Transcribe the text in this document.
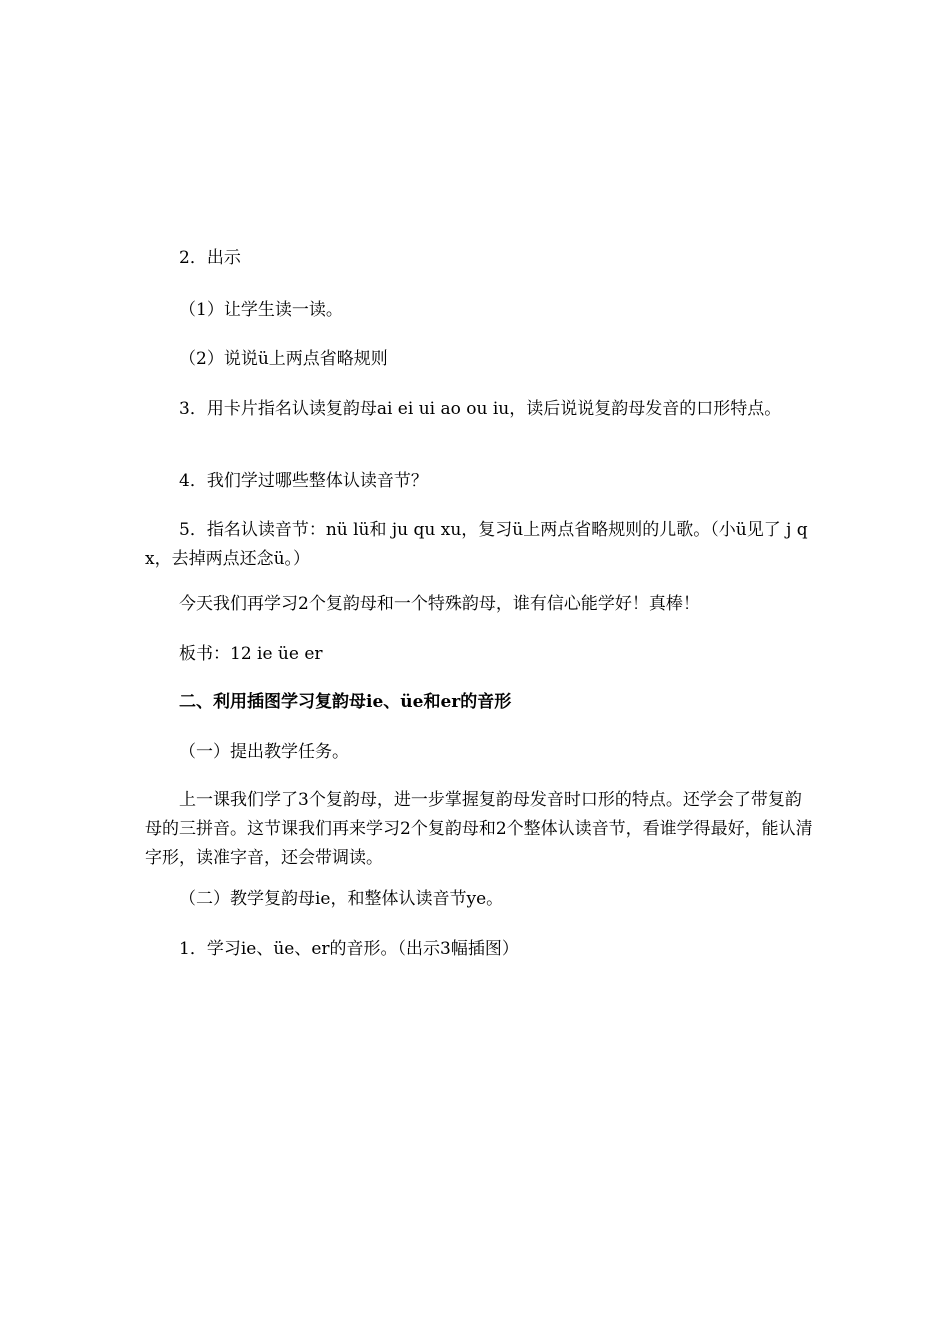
2．出示

（1）让学生读一读。

（2）说说ü上两点省略规则

3．用卡片指名认读复韵母ai ei ui ao ou iu，读后说说复韵母发音的口形特点。

4．我们学过哪些整体认读音节？

5．指名认读音节：nü lü和 ju qu xu，复习ü上两点省略规则的儿歌。（小ü见了 j q x，去掉两点还念ü。）

今天我们再学习2个复韵母和一个特殊韵母，谁有信心能学好！真棒！

板书：12 ie üe er

二、利用插图学习复韵母ie、üe和er的音形

（一）提出教学任务。

上一课我们学了3个复韵母，进一步掌握复韵母发音时口形的特点。还学会了带复韵母的三拼音。这节课我们再来学习2个复韵母和2个整体认读音节，看谁学得最好，能认清字形，读准字音，还会带调读。

（二）教学复韵母ie，和整体认读音节ye。

1．学习ie、üe、er的音形。（出示3幅插图）
